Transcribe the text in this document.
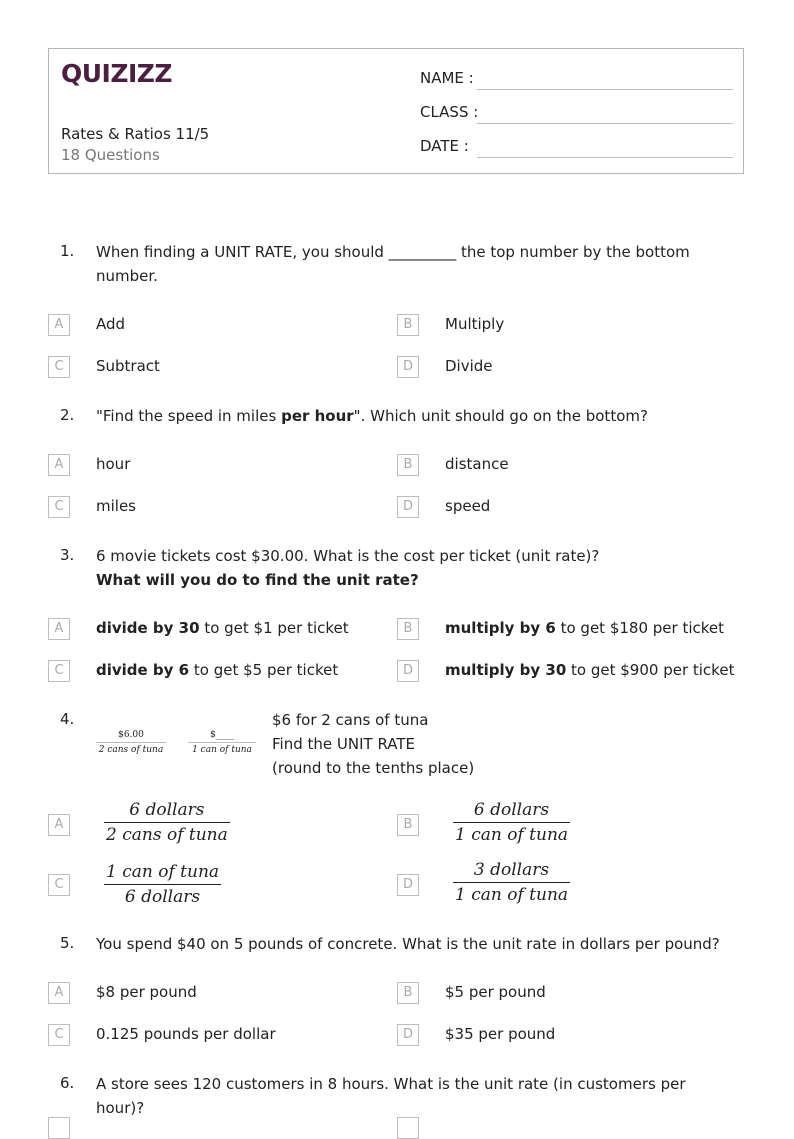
QUIZIZZ
Rates & Ratios 11/5
18 Questions
NAME :
CLASS :
DATE :
1. When finding a UNIT RATE, you should _________ the top number by the bottom number.
A	Add	B	Multiply
C	Subtract	D	Divide
2. "Find the speed in miles per hour". Which unit should go on the bottom?
A	hour	B	distance
C	miles	D	speed
3. 6 movie tickets cost $30.00. What is the cost per ticket (unit rate)?
What will you do to find the unit rate?
A	divide by 30 to get $1 per ticket	B	multiply by 6 to get $180 per ticket
C	divide by 6 to get $5 per ticket	D	multiply by 30 to get $900 per ticket
4.
$6.00
2 cans of tuna
$____
1 can of tuna
$6 for 2 cans of tuna
Find the UNIT RATE
(round to the tenths place)
A
6 dollars
2 cans of tuna
B
6 dollars
1 can of tuna
C
1 can of tuna
6 dollars
D
3 dollars
1 can of tuna
5. You spend $40 on 5 pounds of concrete. What is the unit rate in dollars per pound?
A	$8 per pound	B	$5 per pound
C	0.125 pounds per dollar	D	$35 per pound
6. A store sees 120 customers in 8 hours. What is the unit rate (in customers per hour)?
